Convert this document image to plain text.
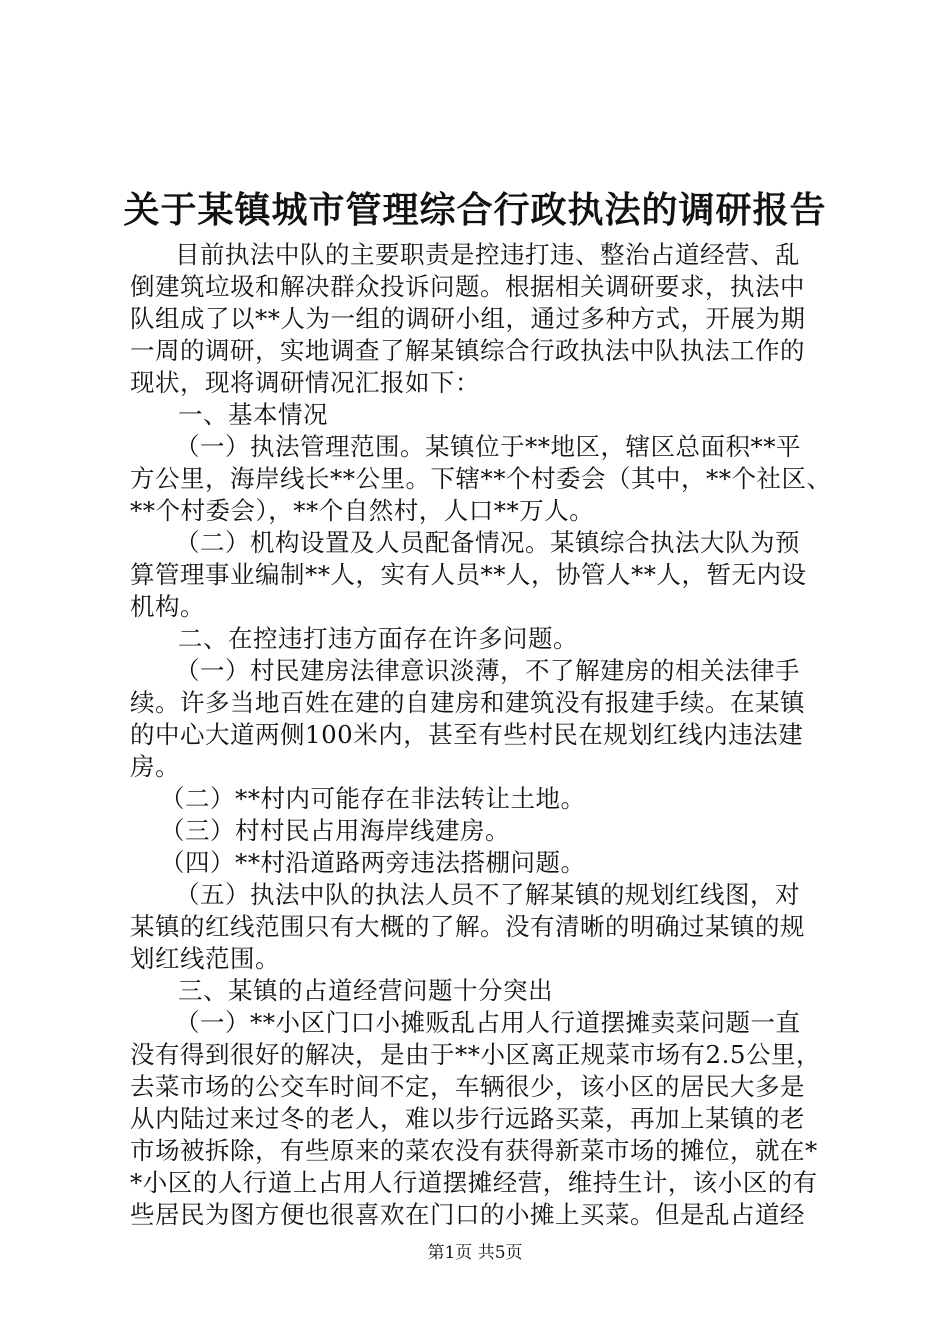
关于某镇城市管理综合行政执法的调研报告
目前执法中队的主要职责是控违打违、整治占道经营、乱
倒建筑垃圾和解决群众投诉问题。根据相关调研要求，执法中
队组成了以**人为一组的调研小组，通过多种方式，开展为期
一周的调研，实地调查了解某镇综合行政执法中队执法工作的
现状，现将调研情况汇报如下：
一、基本情况
（一）执法管理范围。某镇位于**地区，辖区总面积**平
方公里，海岸线长**公里。下辖**个村委会（其中，**个社区、
**个村委会），**个自然村，人口**万人。
（二）机构设置及人员配备情况。某镇综合执法大队为预
算管理事业编制**人，实有人员**人，协管人**人，暂无内设
机构。
二、在控违打违方面存在许多问题。
（一）村民建房法律意识淡薄，不了解建房的相关法律手
续。许多当地百姓在建的自建房和建筑没有报建手续。在某镇
的中心大道两侧100米内，甚至有些村民在规划红线内违法建
房。
（二）**村内可能存在非法转让土地。
（三）村村民占用海岸线建房。
（四）**村沿道路两旁违法搭棚问题。
（五）执法中队的执法人员不了解某镇的规划红线图，对
某镇的红线范围只有大概的了解。没有清晰的明确过某镇的规
划红线范围。
三、某镇的占道经营问题十分突出
（一）**小区门口小摊贩乱占用人行道摆摊卖菜问题一直
没有得到很好的解决，是由于**小区离正规菜市场有2.5公里，
去菜市场的公交车时间不定，车辆很少，该小区的居民大多是
从内陆过来过冬的老人，难以步行远路买菜，再加上某镇的老
市场被拆除，有些原来的菜农没有获得新菜市场的摊位，就在*
*小区的人行道上占用人行道摆摊经营，维持生计，该小区的有
些居民为图方便也很喜欢在门口的小摊上买菜。但是乱占道经
第1页 共5页
